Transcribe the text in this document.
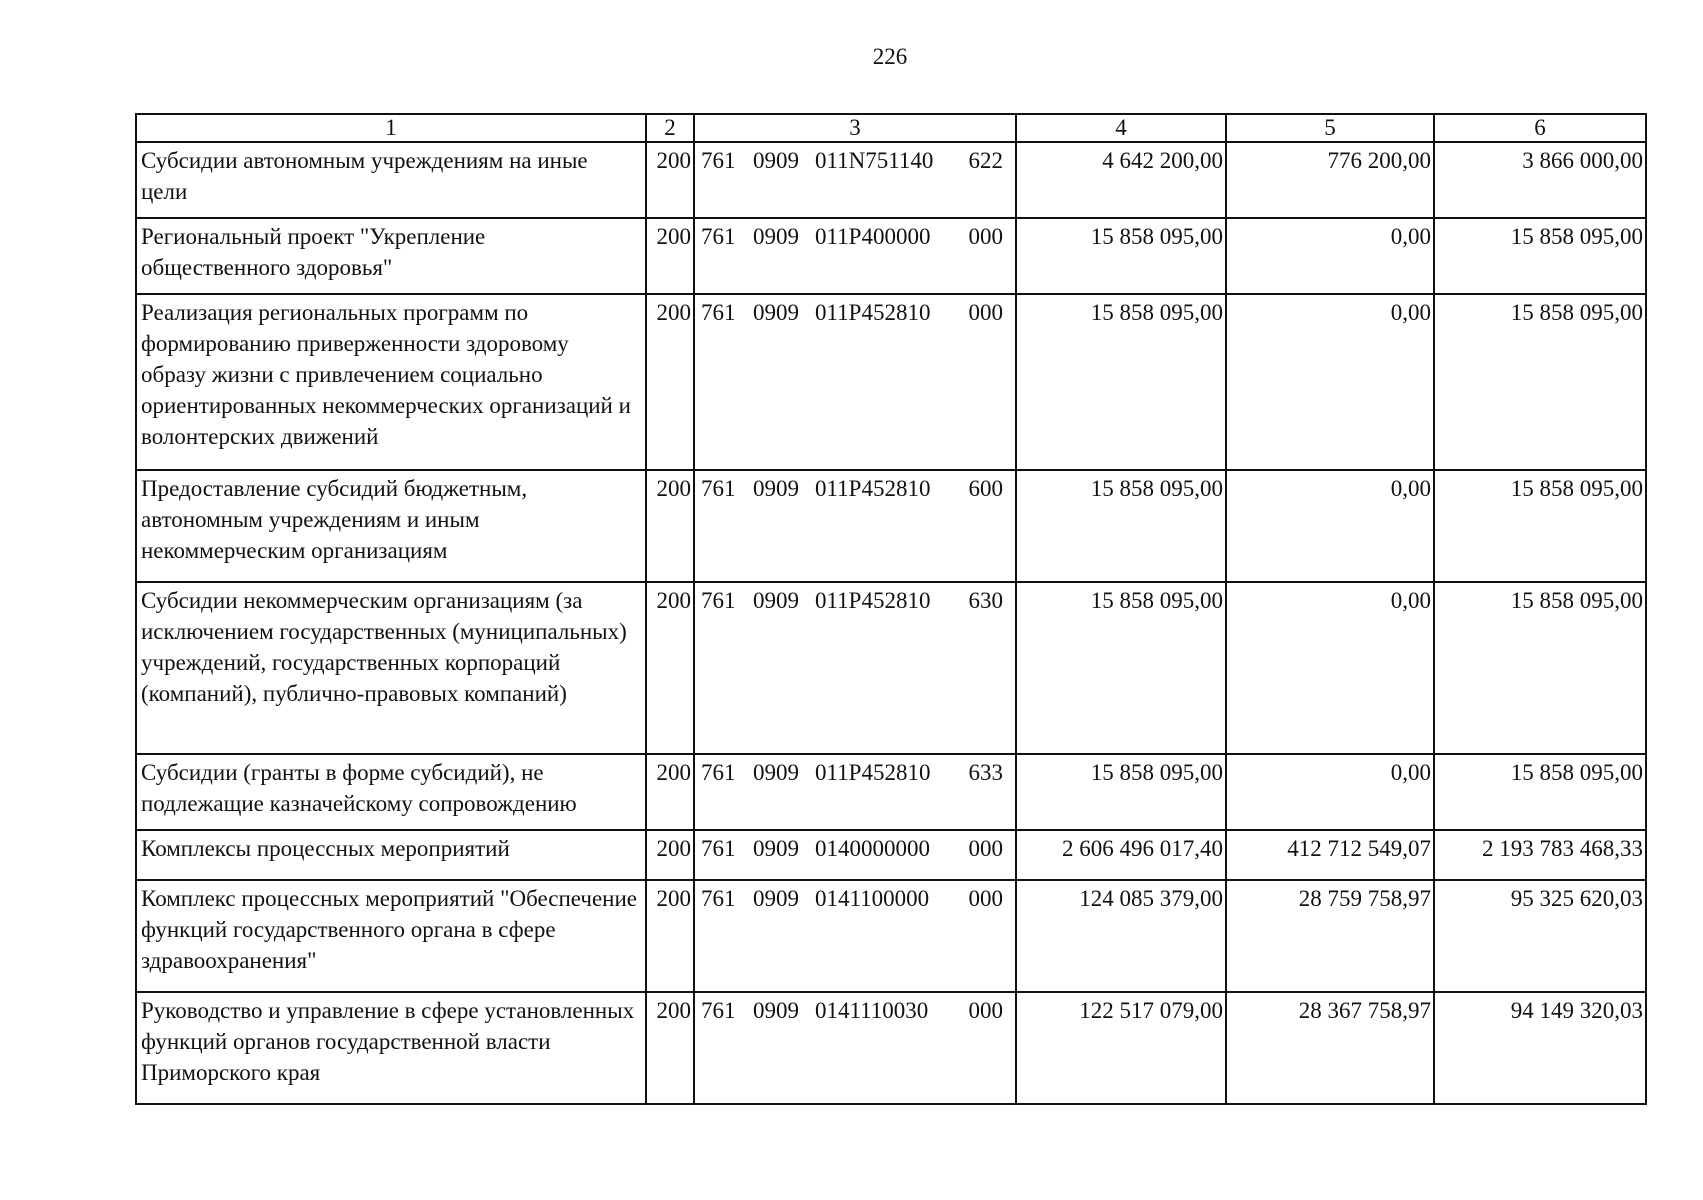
226
1	2	3	4	5	6
Субсидии автономным учреждениям на иные цели	200	761 0909 011N751140 622	4 642 200,00	776 200,00	3 866 000,00
Региональный проект "Укрепление общественного здоровья"	200	761 0909 011P400000 000	15 858 095,00	0,00	15 858 095,00
Реализация региональных программ по формированию приверженности здоровому образу жизни с привлечением социально ориентированных некоммерческих организаций и волонтерских движений	200	761 0909 011P452810 000	15 858 095,00	0,00	15 858 095,00
Предоставление субсидий бюджетным, автономным учреждениям и иным некоммерческим организациям	200	761 0909 011P452810 600	15 858 095,00	0,00	15 858 095,00
Субсидии некоммерческим организациям (за исключением государственных (муниципальных) учреждений, государственных корпораций (компаний), публично-правовых компаний)	200	761 0909 011P452810 630	15 858 095,00	0,00	15 858 095,00
Субсидии (гранты в форме субсидий), не подлежащие казначейскому сопровождению	200	761 0909 011P452810 633	15 858 095,00	0,00	15 858 095,00
Комплексы процессных мероприятий	200	761 0909 0140000000 000	2 606 496 017,40	412 712 549,07	2 193 783 468,33
Комплекс процессных мероприятий "Обеспечение функций государственного органа в сфере здравоохранения"	200	761 0909 0141100000 000	124 085 379,00	28 759 758,97	95 325 620,03
Руководство и управление в сфере установленных функций органов государственной власти Приморского края	200	761 0909 0141110030 000	122 517 079,00	28 367 758,97	94 149 320,03
